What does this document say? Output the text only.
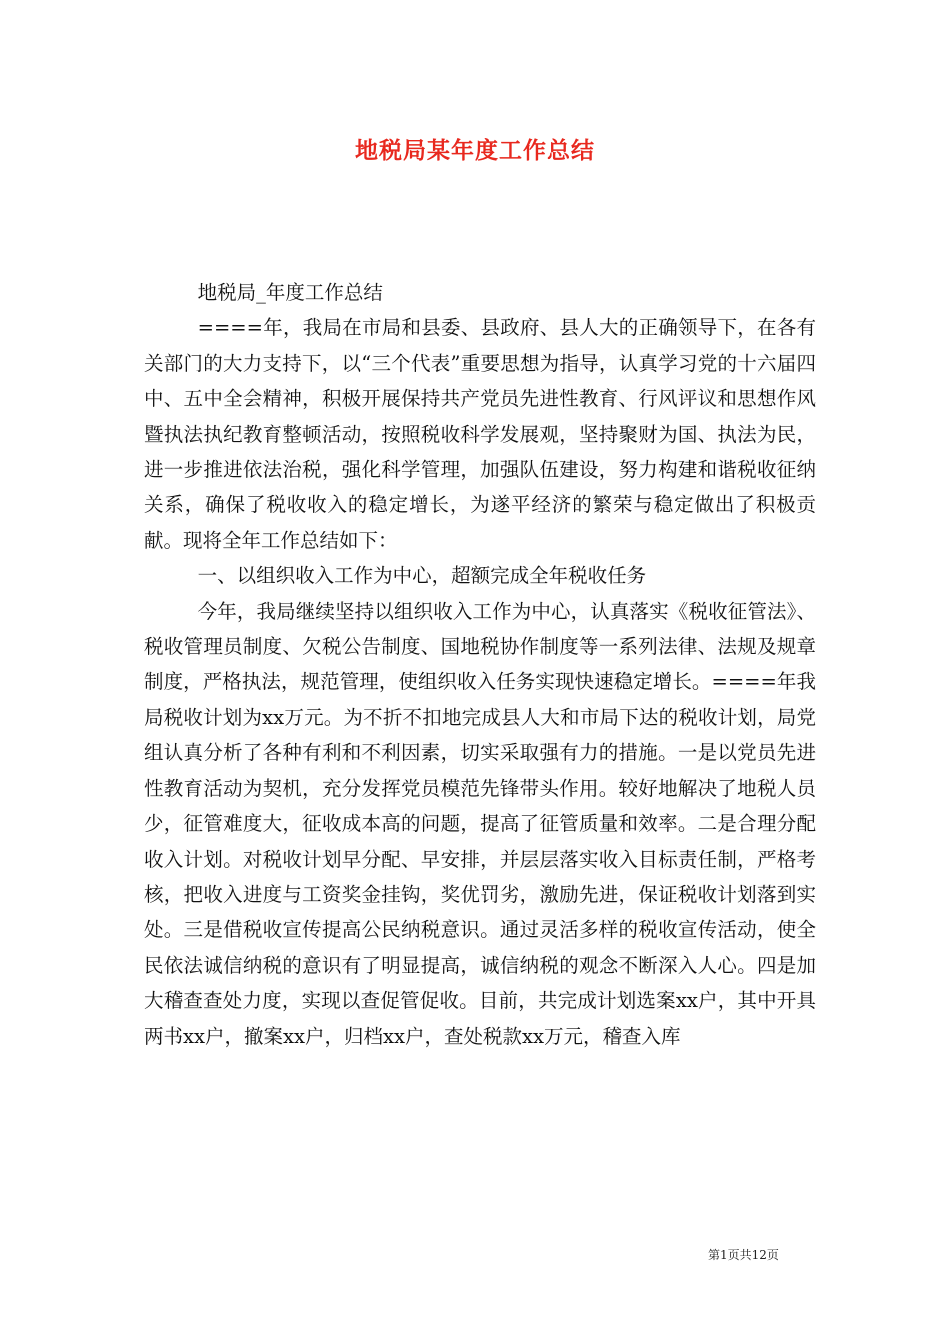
地税局某年度工作总结

地税局_年度工作总结

====年，我局在市局和县委、县政府、县人大的正确领导下，在各有关部门的大力支持下，以“三个代表”重要思想为指导，认真学习党的十六届四中、五中全会精神，积极开展保持共产党员先进性教育、行风评议和思想作风暨执法执纪教育整顿活动，按照税收科学发展观，坚持聚财为国、执法为民，进一步推进依法治税，强化科学管理，加强队伍建设，努力构建和谐税收征纳关系，确保了税收收入的稳定增长，为遂平经济的繁荣与稳定做出了积极贡献。现将全年工作总结如下：

一、以组织收入工作为中心，超额完成全年税收任务

今年，我局继续坚持以组织收入工作为中心，认真落实《税收征管法》、税收管理员制度、欠税公告制度、国地税协作制度等一系列法律、法规及规章制度，严格执法，规范管理，使组织收入任务实现快速稳定增长。====年我局税收计划为xx万元。为不折不扣地完成县人大和市局下达的税收计划，局党组认真分析了各种有利和不利因素，切实采取强有力的措施。一是以党员先进性教育活动为契机，充分发挥党员模范先锋带头作用。较好地解决了地税人员少，征管难度大，征收成本高的问题，提高了征管质量和效率。二是合理分配收入计划。对税收计划早分配、早安排，并层层落实收入目标责任制，严格考核，把收入进度与工资奖金挂钩，奖优罚劣，激励先进，保证税收计划落到实处。三是借税收宣传提高公民纳税意识。通过灵活多样的税收宣传活动，使全民依法诚信纳税的意识有了明显提高，诚信纳税的观念不断深入人心。四是加大稽查查处力度，实现以查促管促收。目前，共完成计划选案xx户，其中开具两书xx户，撤案xx户，归档xx户，查处税款xx万元，稽查入库

第1页共12页
